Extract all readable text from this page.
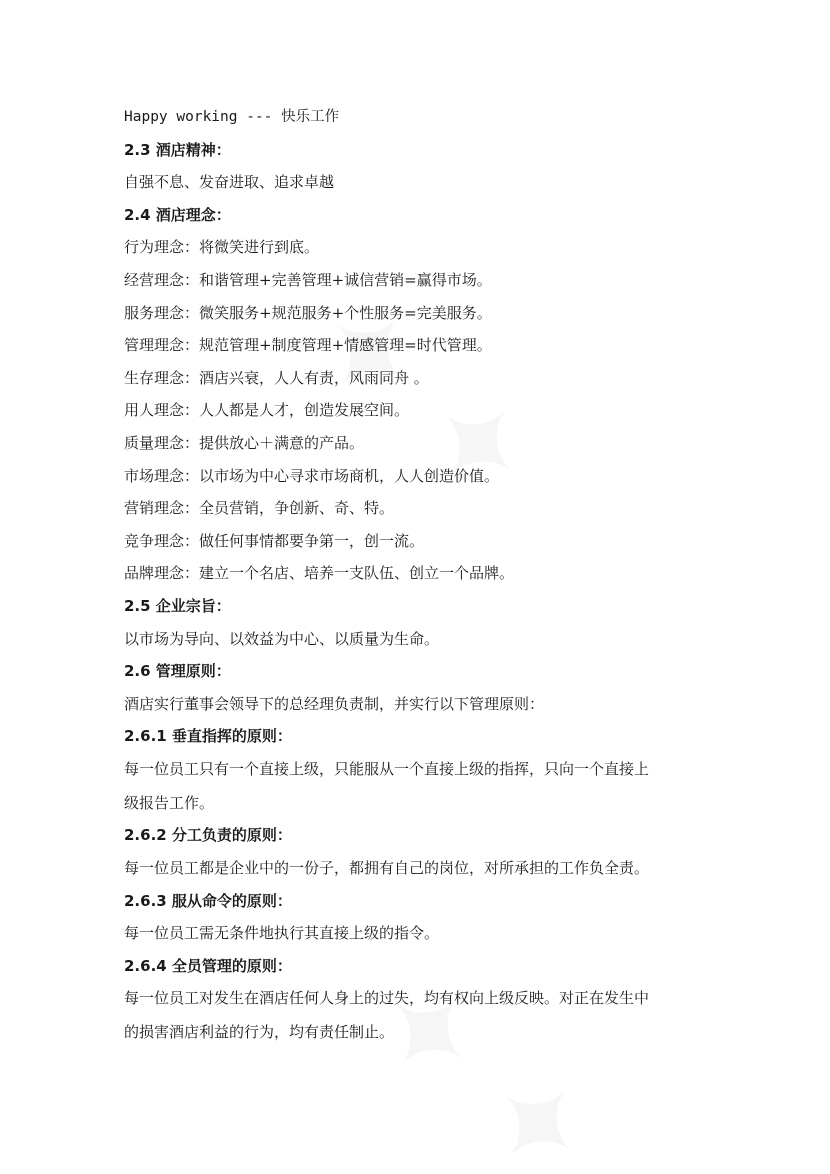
Happy working --- 快乐工作
2.3 酒店精神：
自强不息、发奋进取、追求卓越
2.4 酒店理念：
行为理念：将微笑进行到底。
经营理念：和谐管理+完善管理+诚信营销=赢得市场。
服务理念：微笑服务+规范服务+个性服务=完美服务。
管理理念：规范管理+制度管理+情感管理=时代管理。
生存理念：酒店兴衰，人人有责，风雨同舟 。
用人理念：人人都是人才，创造发展空间。
质量理念：提供放心＋满意的产品。
市场理念：以市场为中心寻求市场商机，人人创造价值。
营销理念：全员营销，争创新、奇、特。
竞争理念：做任何事情都要争第一，创一流。
品牌理念：建立一个名店、培养一支队伍、创立一个品牌。
2.5 企业宗旨：
以市场为导向、以效益为中心、以质量为生命。
2.6 管理原则：
酒店实行董事会领导下的总经理负责制，并实行以下管理原则：
2.6.1 垂直指挥的原则：
每一位员工只有一个直接上级，只能服从一个直接上级的指挥，只向一个直接上
级报告工作。
2.6.2 分工负责的原则：
每一位员工都是企业中的一份子，都拥有自己的岗位，对所承担的工作负全责。
2.6.3 服从命令的原则：
每一位员工需无条件地执行其直接上级的指令。
2.6.4 全员管理的原则：
每一位员工对发生在酒店任何人身上的过失，均有权向上级反映。对正在发生中
的损害酒店利益的行为，均有责任制止。
